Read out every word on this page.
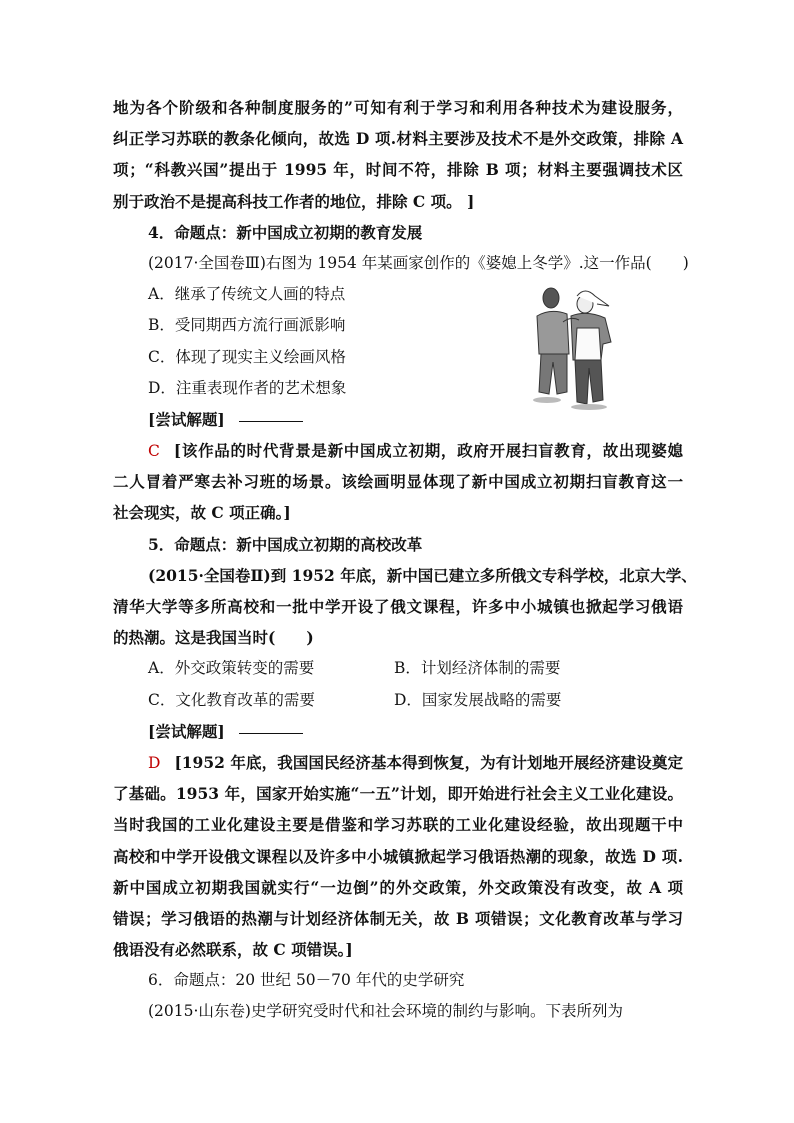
地为各个阶级和各种制度服务的”可知有利于学习和利用各种技术为建设服务，
纠正学习苏联的教条化倾向，故选 D 项.材料主要涉及技术不是外交政策，排除 A
项；“科教兴国”提出于 1995 年，时间不符，排除 B 项；材料主要强调技术区
别于政治不是提高科技工作者的地位，排除 C 项。 ]
4．命题点：新中国成立初期的教育发展
(2017·全国卷Ⅲ)右图为 1954 年某画家创作的《婆媳上冬学》.这一作品(　　)
A．继承了传统文人画的特点
B．受同期西方流行画派影响
C．体现了现实主义绘画风格
D．注重表现作者的艺术想象
[尝试解题]
C [该作品的时代背景是新中国成立初期，政府开展扫盲教育，故出现婆媳
二人冒着严寒去补习班的场景。该绘画明显体现了新中国成立初期扫盲教育这一
社会现实，故 C 项正确。]
5．命题点：新中国成立初期的高校改革
(2015·全国卷Ⅱ)到 1952 年底，新中国已建立多所俄文专科学校，北京大学、
清华大学等多所高校和一批中学开设了俄文课程，许多中小城镇也掀起学习俄语
的热潮。这是我国当时(　　)
A．外交政策转变的需要	B．计划经济体制的需要
C．文化教育改革的需要	D．国家发展战略的需要
[尝试解题]
D [1952 年底，我国国民经济基本得到恢复，为有计划地开展经济建设奠定
了基础。1953 年，国家开始实施“一五”计划，即开始进行社会主义工业化建设。
当时我国的工业化建设主要是借鉴和学习苏联的工业化建设经验，故出现题干中
高校和中学开设俄文课程以及许多中小城镇掀起学习俄语热潮的现象，故选 D 项.
新中国成立初期我国就实行“一边倒”的外交政策，外交政策没有改变，故 A 项
错误；学习俄语的热潮与计划经济体制无关，故 B 项错误；文化教育改革与学习
俄语没有必然联系，故 C 项错误。]
6．命题点：20 世纪 50－70 年代的史学研究
(2015·山东卷)史学研究受时代和社会环境的制约与影响。下表所列为
